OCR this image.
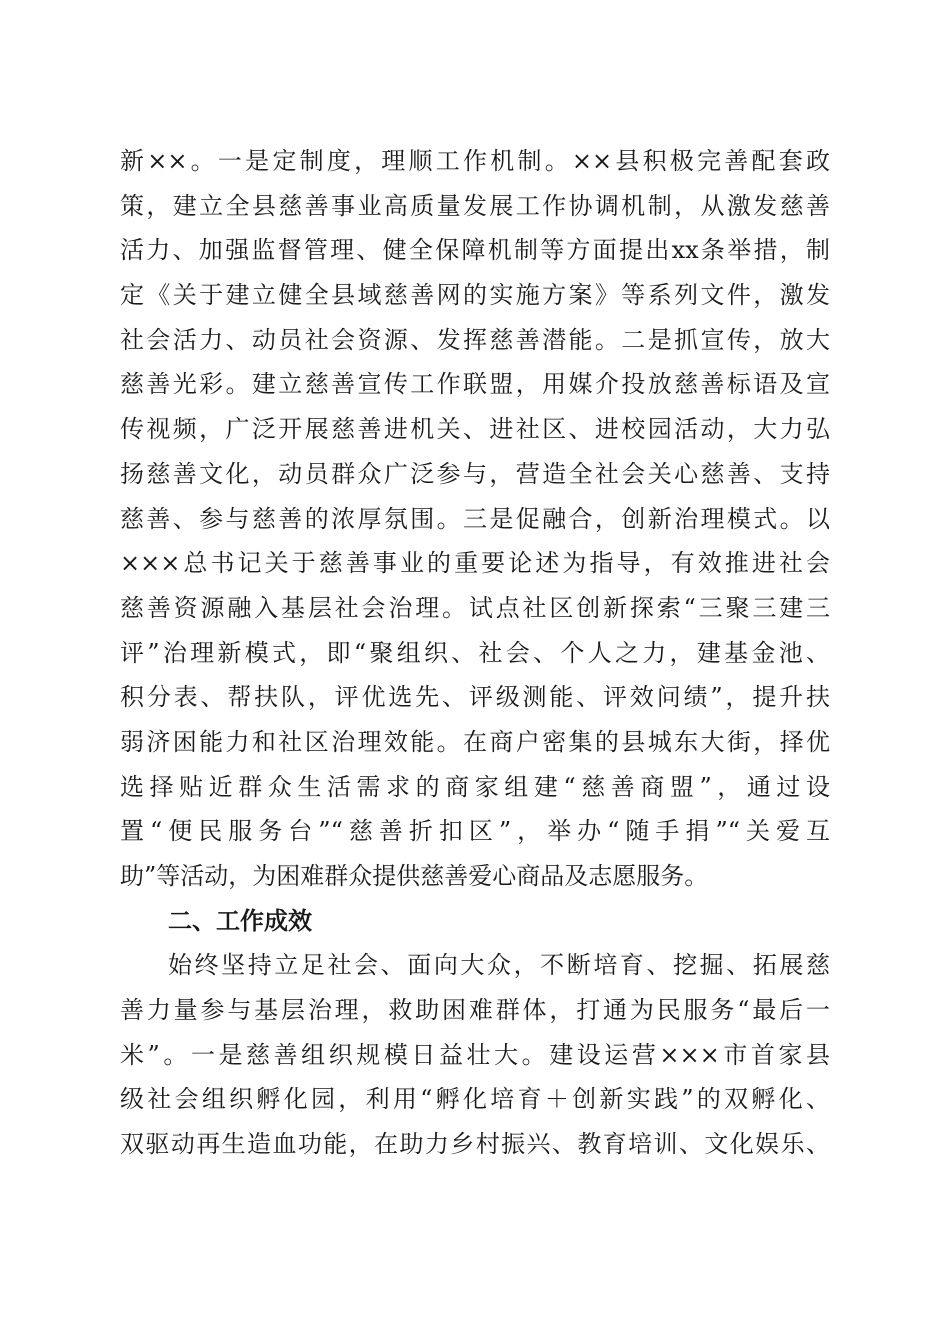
新××。一是定制度，理顺工作机制。××县积极完善配套政
策，建立全县慈善事业高质量发展工作协调机制，从激发慈善
活力、加强监督管理、健全保障机制等方面提出xx条举措，制
定《关于建立健全县域慈善网的实施方案》等系列文件，激发
社会活力、动员社会资源、发挥慈善潜能。二是抓宣传，放大
慈善光彩。建立慈善宣传工作联盟，用媒介投放慈善标语及宣
传视频，广泛开展慈善进机关、进社区、进校园活动，大力弘
扬慈善文化，动员群众广泛参与，营造全社会关心慈善、支持
慈善、参与慈善的浓厚氛围。三是促融合，创新治理模式。以
×××总书记关于慈善事业的重要论述为指导，有效推进社会
慈善资源融入基层社会治理。试点社区创新探索“三聚三建三
评”治理新模式，即“聚组织、社会、个人之力，建基金池、
积分表、帮扶队，评优选先、评级测能、评效问绩”，提升扶
弱济困能力和社区治理效能。在商户密集的县城东大街，择优
选择贴近群众生活需求的商家组建“慈善商盟”，通过设
置“便民服务台”“慈善折扣区”，举办“随手捐”“关爱互
助”等活动，为困难群众提供慈善爱心商品及志愿服务。
二、工作成效
始终坚持立足社会、面向大众，不断培育、挖掘、拓展慈
善力量参与基层治理，救助困难群体，打通为民服务“最后一
米”。一是慈善组织规模日益壮大。建设运营×××市首家县
级社会组织孵化园，利用“孵化培育＋创新实践”的双孵化、
双驱动再生造血功能，在助力乡村振兴、教育培训、文化娱乐、
